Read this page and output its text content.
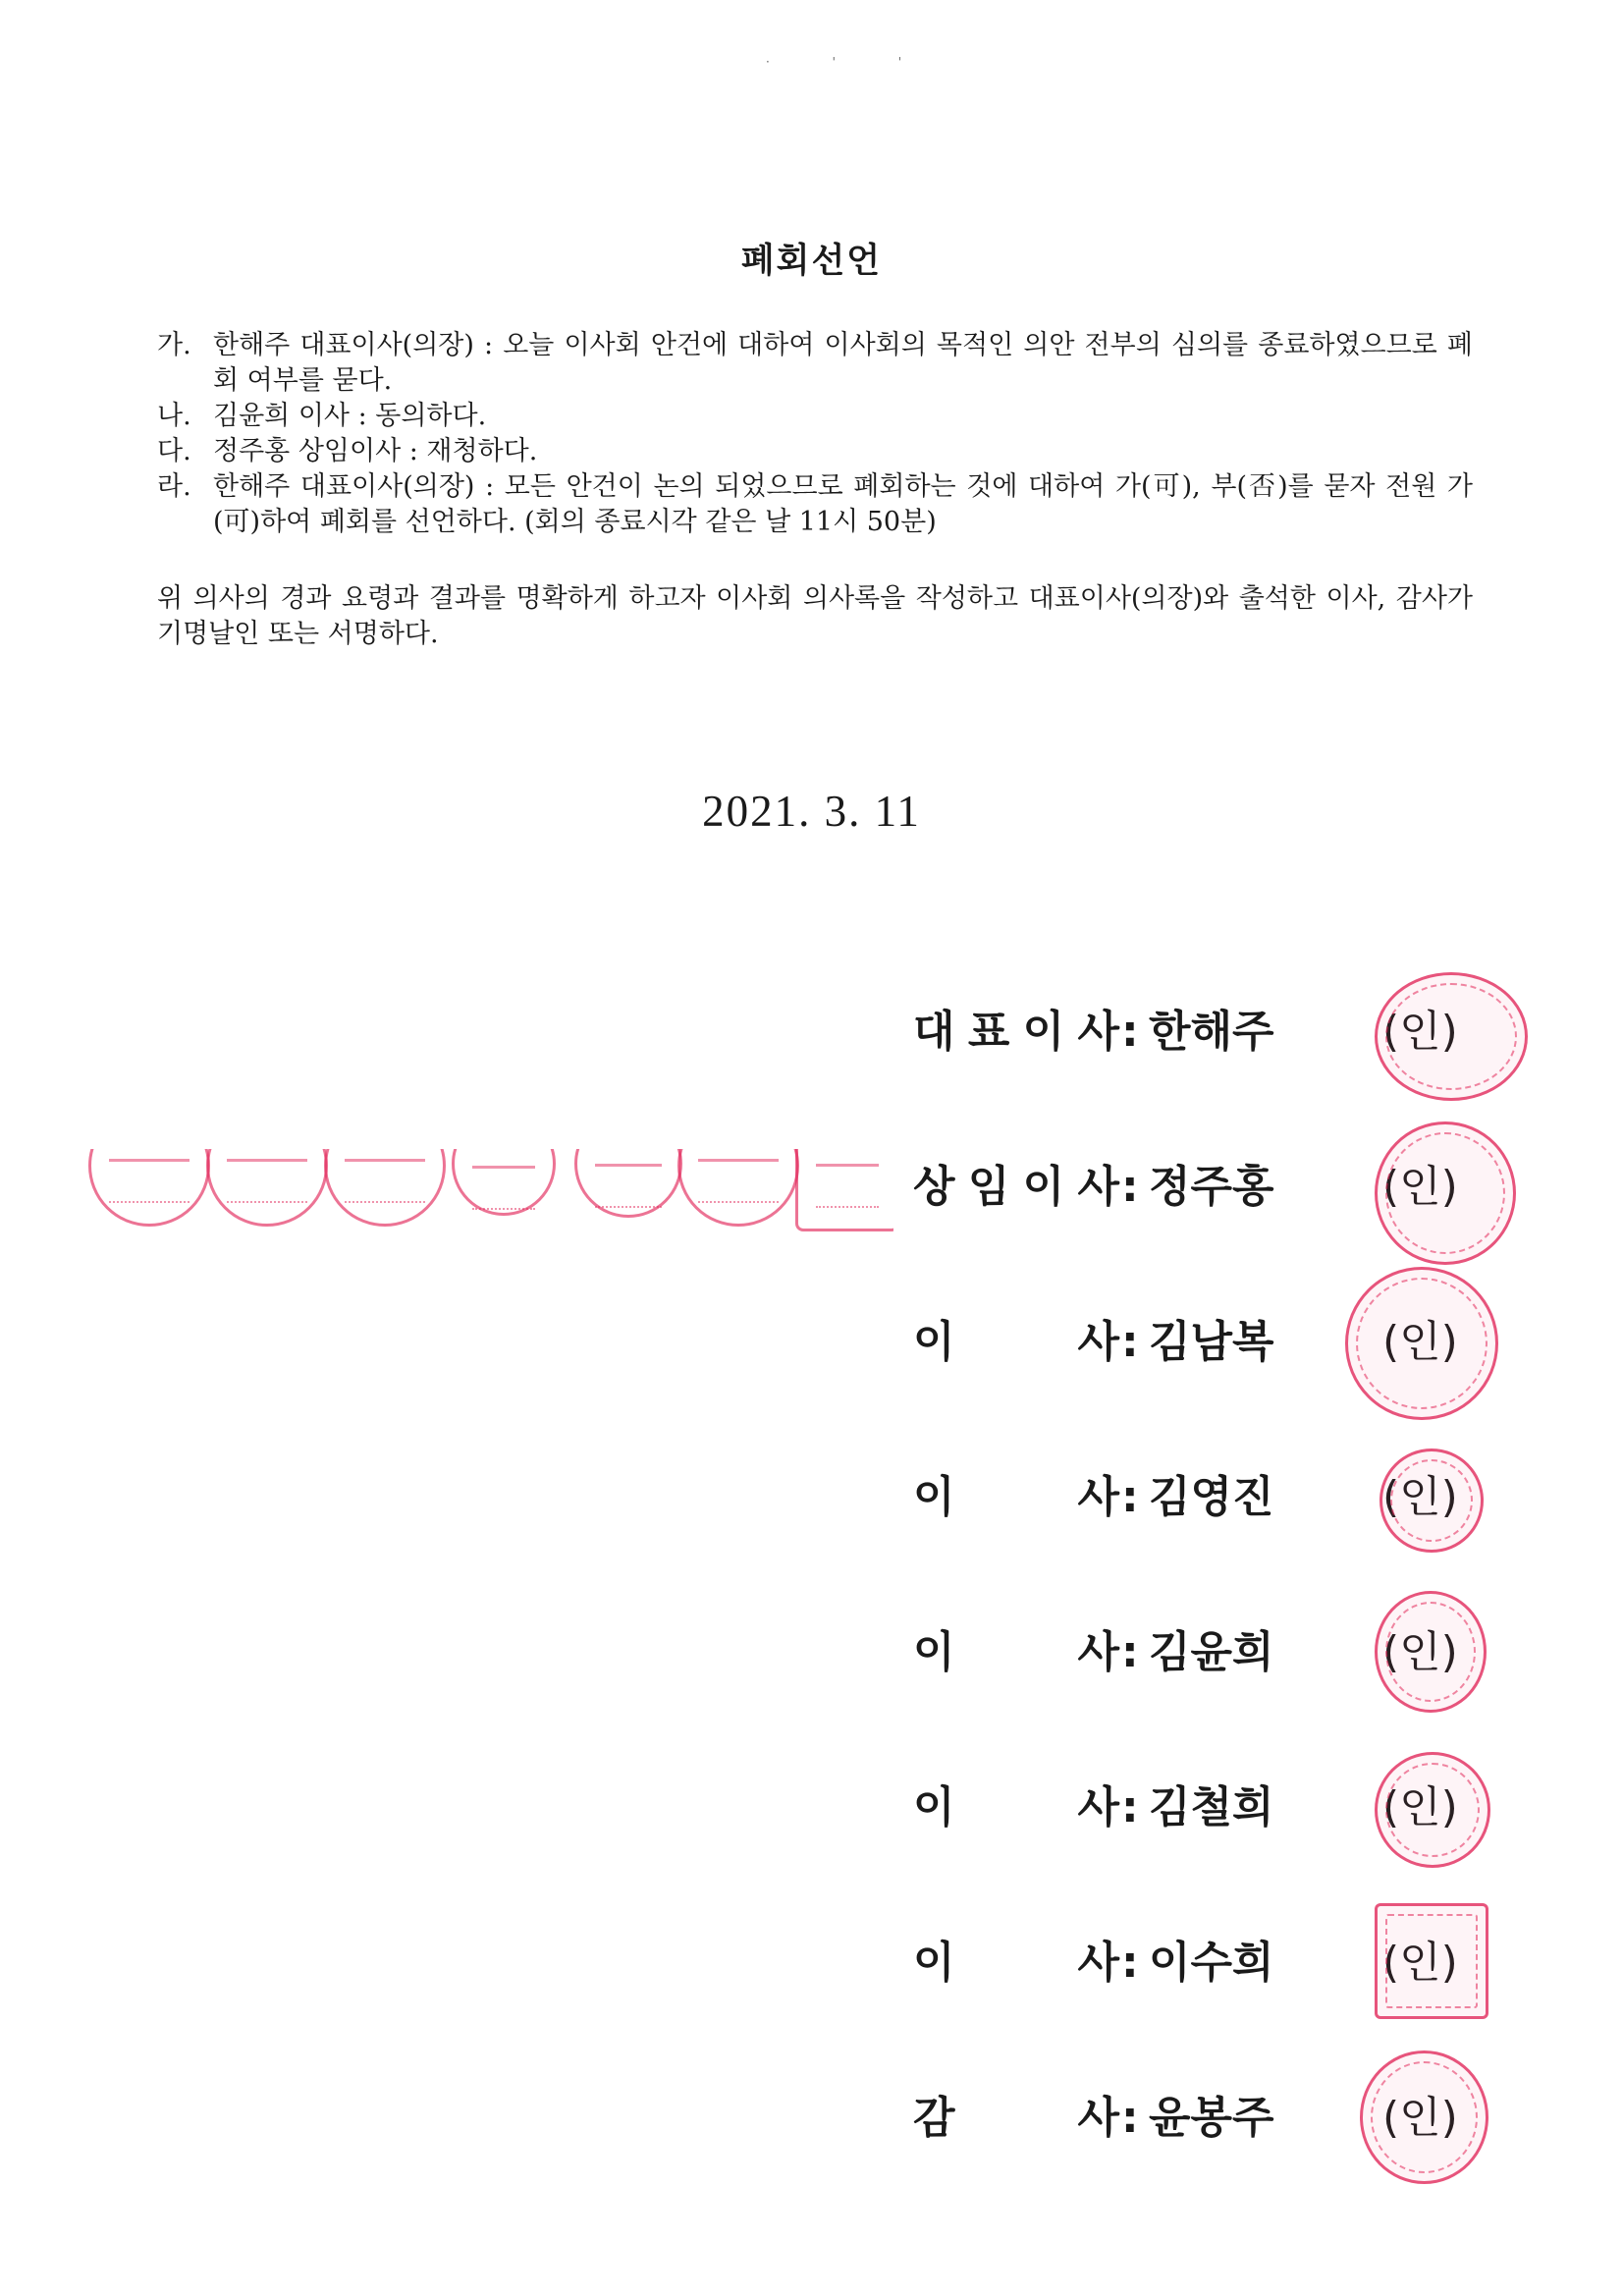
· ' '
폐회선언
가. 한해주 대표이사(의장) : 오늘 이사회 안건에 대하여 이사회의 목적인 의안 전부의 심의를 종료하였으므로 폐회 여부를 묻다.
나. 김윤희 이사 : 동의하다.
다. 정주홍 상임이사 : 재청하다.
라. 한해주 대표이사(의장) : 모든 안건이 논의 되었으므로 폐회하는 것에 대하여 가(可), 부(否)를 묻자 전원 가(可)하여 폐회를 선언하다. (회의 종료시각 같은 날 11시 50분)
위 의사의 경과 요령과 결과를 명확하게 하고자 이사회 의사록을 작성하고 대표이사(의장)와 출석한 이사, 감사가 기명날인 또는 서명하다.
2021. 3. 11
대 표 이 사 : 한 해 주	(인)
상 임 이 사 : 정 주 홍	(인)
이	사 : 김 남 복	(인)
이	사 : 김 영 진	(인)
이	사 : 김 윤 희	(인)
이	사 : 김 철 희	(인)
이	사 : 이 수 희	(인)
감	사 : 윤 봉 주	(인)
